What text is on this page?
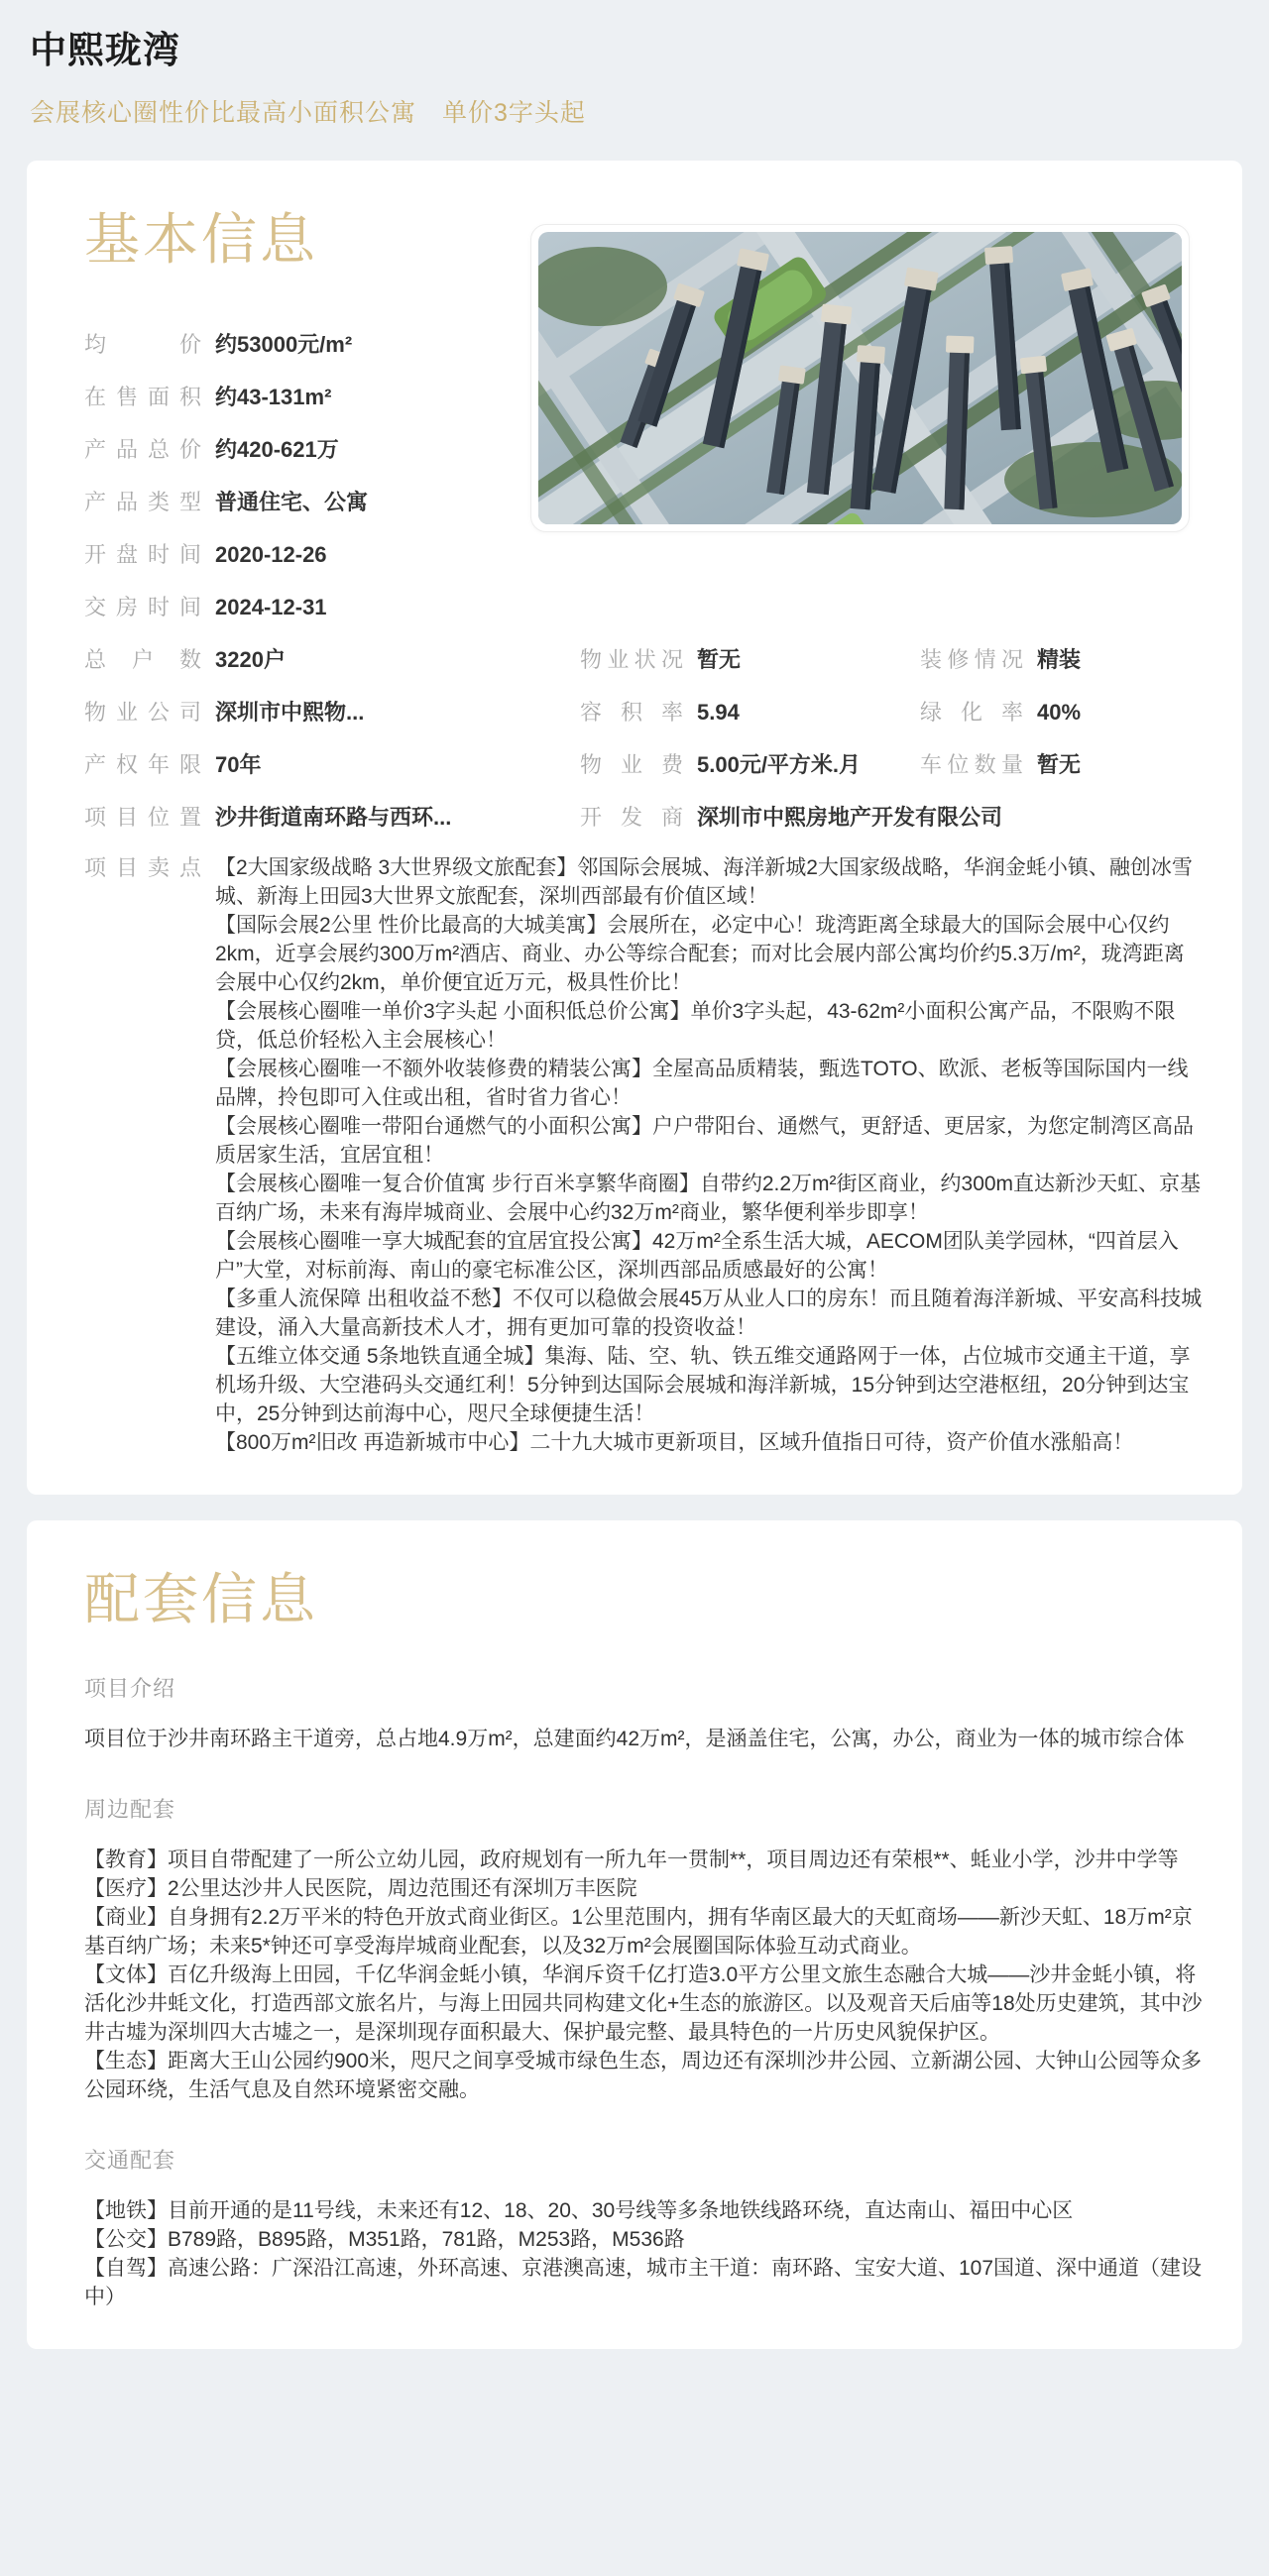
中熙珑湾
会展核心圈性价比最高小面积公寓　单价3字头起
基本信息
均价 约53000元/m²
在售面积 约43-131m²
产品总价 约420-621万
产品类型 普通住宅、公寓
开盘时间 2020-12-26
交房时间 2024-12-31
总户数 3220户	物业状况 暂无	装修情况 精装
物业公司 深圳市中熙物...	容积率 5.94	绿化率 40%
产权年限 70年	物业费 5.00元/平方米.月	车位数量 暂无
项目位置 沙井街道南环路与西环...	开发商 深圳市中熙房地产开发有限公司
项目卖点 【2大国家级战略 3大世界级文旅配套】邻国际会展城、海洋新城2大国家级战略，华润金蚝小镇、融创冰雪城、新海上田园3大世界文旅配套，深圳西部最有价值区域！

【国际会展2公里 性价比最高的大城美寓】会展所在，必定中心！珑湾距离全球最大的国际会展中心仅约2km，近享会展约300万m²酒店、商业、办公等综合配套；而对比会展内部公寓均价约5.3万/m²，珑湾距离会展中心仅约2km，单价便宜近万元，极具性价比！

【会展核心圈唯一单价3字头起 小面积低总价公寓】单价3字头起，43-62m²小面积公寓产品，不限购不限贷，低总价轻松入主会展核心！

【会展核心圈唯一不额外收装修费的精装公寓】全屋高品质精装，甄选TOTO、欧派、老板等国际国内一线品牌，拎包即可入住或出租，省时省力省心！

【会展核心圈唯一带阳台通燃气的小面积公寓】户户带阳台、通燃气，更舒适、更居家，为您定制湾区高品质居家生活，宜居宜租！

【会展核心圈唯一复合价值寓 步行百米享繁华商圈】自带约2.2万m²街区商业，约300m直达新沙天虹、京基百纳广场，未来有海岸城商业、会展中心约32万m²商业，繁华便利举步即享！

【会展核心圈唯一享大城配套的宜居宜投公寓】42万m²全系生活大城，AECOM团队美学园林，“四首层入户”大堂，对标前海、南山的豪宅标准公区，深圳西部品质感最好的公寓！

【多重人流保障 出租收益不愁】不仅可以稳做会展45万从业人口的房东！而且随着海洋新城、平安高科技城建设，涌入大量高新技术人才，拥有更加可靠的投资收益！

【五维立体交通 5条地铁直通全城】集海、陆、空、轨、铁五维交通路网于一体，占位城市交通主干道，享机场升级、大空港码头交通红利！5分钟到达国际会展城和海洋新城，15分钟到达空港枢纽，20分钟到达宝中，25分钟到达前海中心，咫尺全球便捷生活！

【800万m²旧改 再造新城市中心】二十九大城市更新项目，区域升值指日可待，资产价值水涨船高！

配套信息
项目介绍

项目位于沙井南环路主干道旁，总占地4.9万m²，总建面约42万m²，是涵盖住宅，公寓，办公，商业为一体的城市综合体

周边配套

【教育】项目自带配建了一所公立幼儿园，政府规划有一所九年一贯制**，项目周边还有荣根**、蚝业小学，沙井中学等

【医疗】2公里达沙井人民医院，周边范围还有深圳万丰医院

【商业】自身拥有2.2万平米的特色开放式商业街区。1公里范围内，拥有华南区最大的天虹商场——新沙天虹、18万m²京基百纳广场；未来5*钟还可享受海岸城商业配套，以及32万m²会展圈国际体验互动式商业。

【文体】百亿升级海上田园，千亿华润金蚝小镇，华润斥资千亿打造3.0平方公里文旅生态融合大城——沙井金蚝小镇，将活化沙井蚝文化，打造西部文旅名片，与海上田园共同构建文化+生态的旅游区。以及观音天后庙等18处历史建筑，其中沙井古墟为深圳四大古墟之一，是深圳现存面积最大、保护最完整、最具特色的一片历史风貌保护区。

【生态】距离大王山公园约900米，咫尺之间享受城市绿色生态，周边还有深圳沙井公园、立新湖公园、大钟山公园等众多公园环绕，生活气息及自然环境紧密交融。

交通配套

【地铁】目前开通的是11号线，未来还有12、18、20、30号线等多条地铁线路环绕，直达南山、福田中心区

【公交】B789路，B895路，M351路，781路，M253路，M536路

【自驾】高速公路：广深沿江高速，外环高速、京港澳高速，城市主干道：南环路、宝安大道、107国道、深中通道（建设中）
